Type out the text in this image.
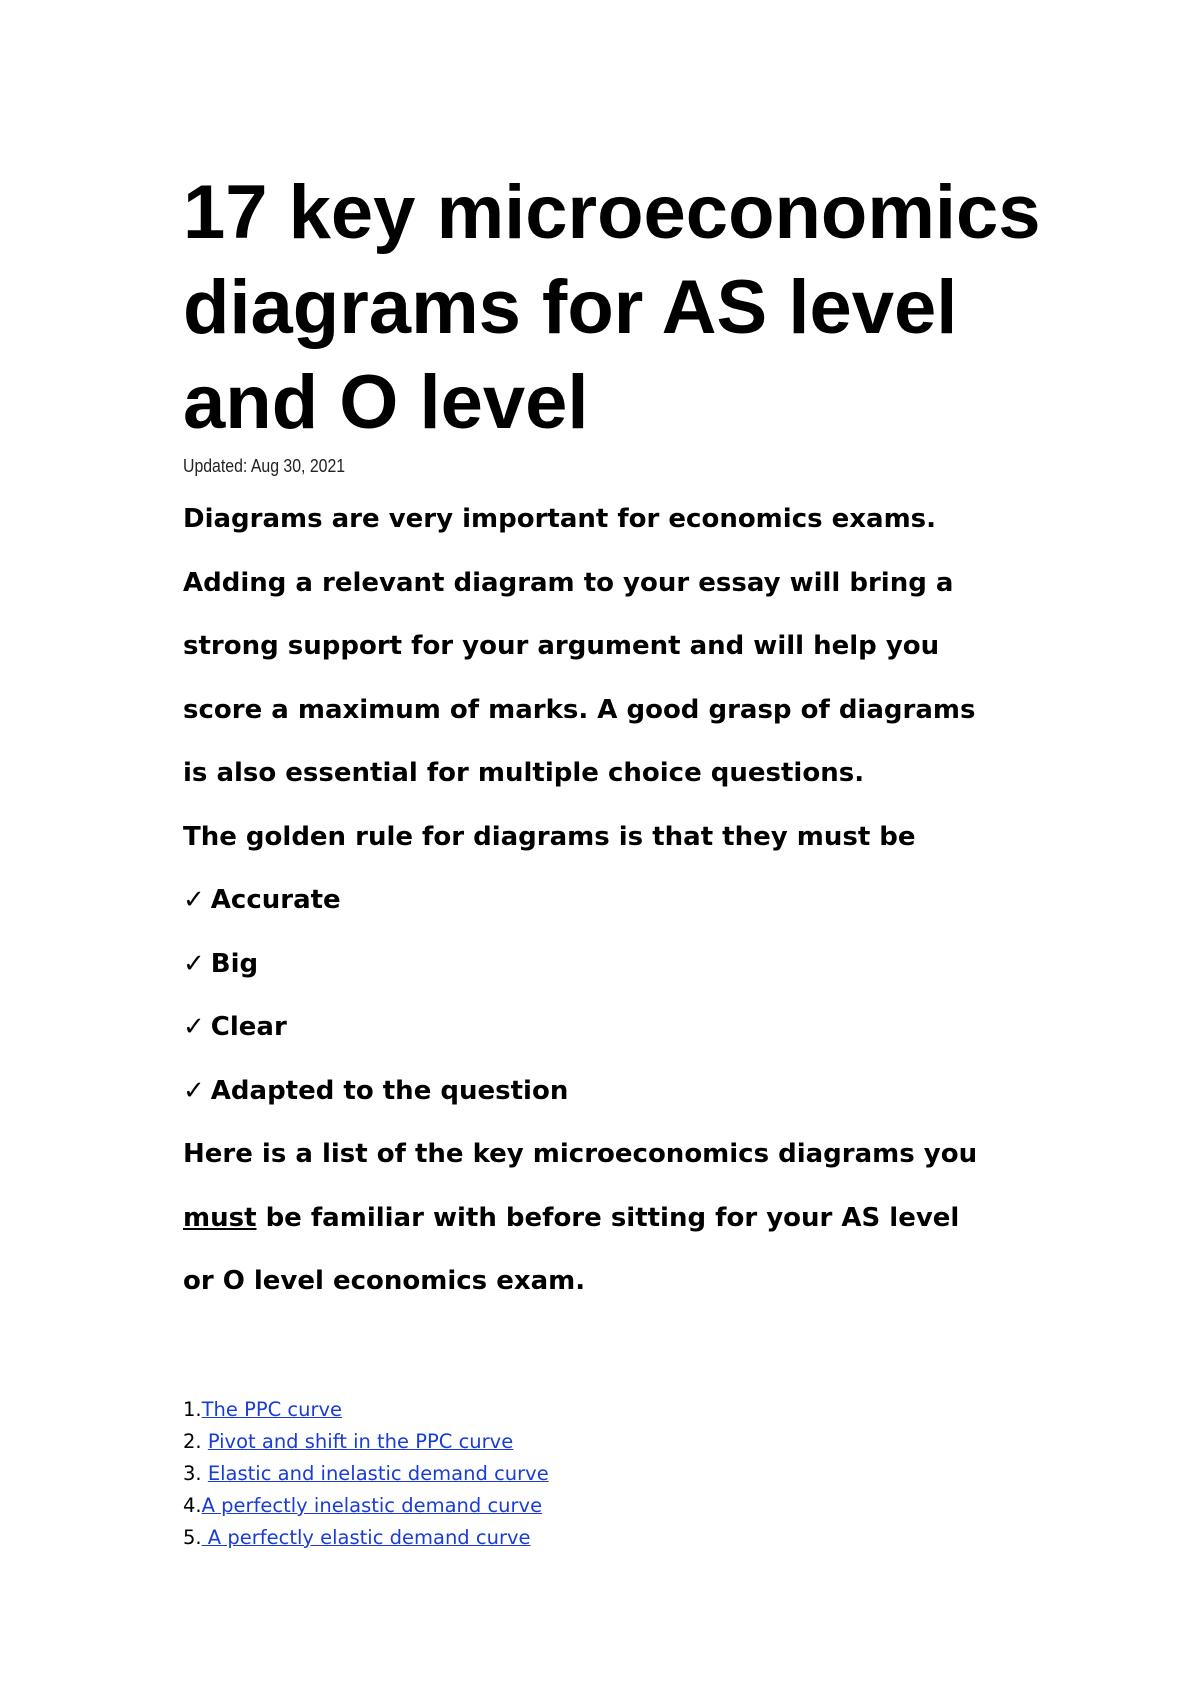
17 key microeconomics
diagrams for AS level
and O level
Updated: Aug 30, 2021

Diagrams are very important for economics exams.

Adding a relevant diagram to your essay will bring a

strong support for your argument and will help you

score a maximum of marks. A good grasp of diagrams

is also essential for multiple choice questions.

The golden rule for diagrams is that they must be

✓ Accurate

✓ Big

✓ Clear

✓ Adapted to the question

Here is a list of the key microeconomics diagrams you

must be familiar with before sitting for your AS level

or O level economics exam.

1.The PPC curve
2. Pivot and shift in the PPC curve
3. Elastic and inelastic demand curve
4.A perfectly inelastic demand curve
5. A perfectly elastic demand curve
